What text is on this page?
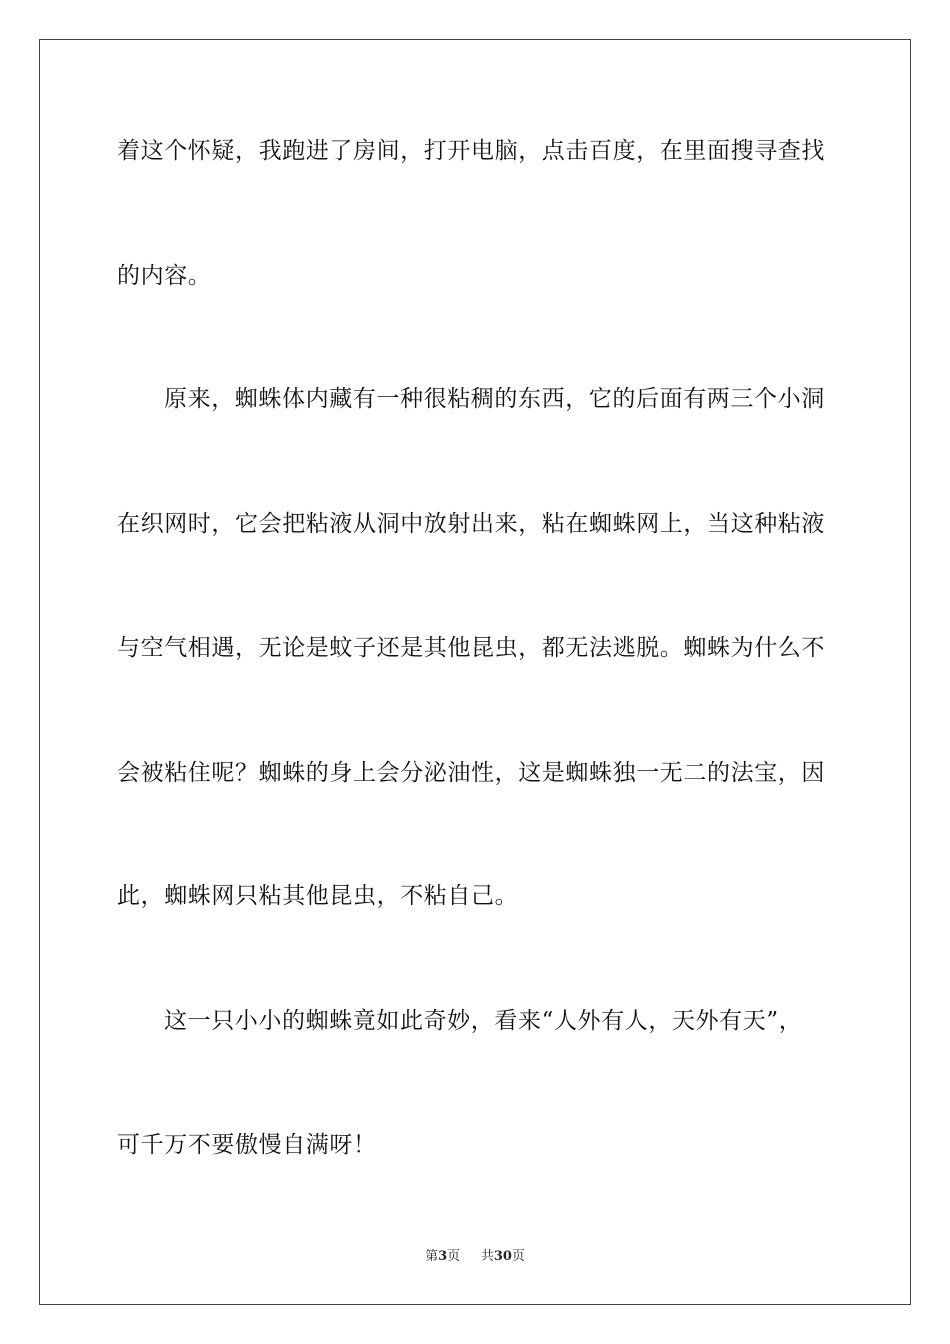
着这个怀疑，我跑进了房间，打开电脑，点击百度，在里面搜寻查找
的内容。
原来，蜘蛛体内藏有一种很粘稠的东西，它的后面有两三个小洞
在织网时，它会把粘液从洞中放射出来，粘在蜘蛛网上，当这种粘液
与空气相遇，无论是蚊子还是其他昆虫，都无法逃脱。蜘蛛为什么不
会被粘住呢？蜘蛛的身上会分泌油性，这是蜘蛛独一无二的法宝，因
此，蜘蛛网只粘其他昆虫，不粘自己。
这一只小小的蜘蛛竟如此奇妙，看来“人外有人，天外有天”，
可千万不要傲慢自满呀！
第3页 共30页
